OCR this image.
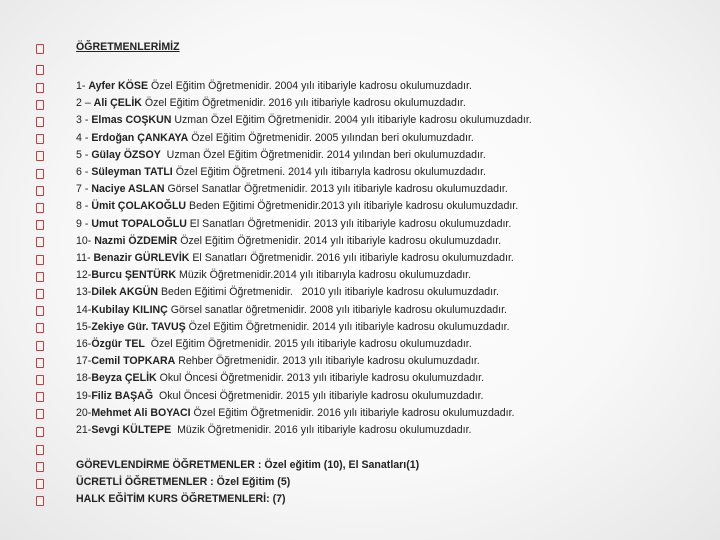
ÖĞRETMENLERİMİZ
1- Ayfer KÖSE Özel Eğitim Öğretmenidir. 2004 yılı itibariyle kadrosu okulumuzdadır.
2 – Ali ÇELİK Özel Eğitim Öğretmenidir. 2016 yılı itibariyle kadrosu okulumuzdadır.
3 - Elmas COŞKUN Uzman Özel Eğitim Öğretmenidir. 2004 yılı itibariyle kadrosu okulumuzdadır.
4 - Erdoğan ÇANKAYA Özel Eğitim Öğretmenidir. 2005 yılından beri okulumuzdadır.
5 - Gülay ÖZSOY  Uzman Özel Eğitim Öğretmenidir. 2014 yılından beri okulumuzdadır.
6 - Süleyman TATLI Özel Eğitim Öğretmeni. 2014 yılı itibarıyla kadrosu okulumuzdadır.
7 - Naciye ASLAN Görsel Sanatlar Öğretmenidir. 2013 yılı itibariyle kadrosu okulumuzdadır.
8 - Ümit ÇOLAKOĞLU Beden Eğitimi Öğretmenidir.2013 yılı itibariyle kadrosu okulumuzdadır.
9 - Umut TOPALOĞLU El Sanatları Öğretmenidir. 2013 yılı itibariyle kadrosu okulumuzdadır.
10- Nazmi ÖZDEMİR Özel Eğitim Öğretmenidir. 2014 yılı itibariyle kadrosu okulumuzdadır.
11- Benazir GÜRLEVİK El Sanatları Öğretmenidir. 2016 yılı itibariyle kadrosu okulumuzdadır.
12-Burcu ŞENTÜRK Müzik Öğretmenidir.2014 yılı itibarıyla kadrosu okulumuzdadır.
13-Dilek AKGÜN Beden Eğitimi Öğretmenidir.   2010 yılı itibariyle kadrosu okulumuzdadır.
14-Kubilay KILINÇ Görsel sanatlar öğretmenidir. 2008 yılı itibariyle kadrosu okulumuzdadır.
15-Zekiye Gür. TAVUŞ Özel Eğitim Öğretmenidir. 2014 yılı itibariyle kadrosu okulumuzdadır.
16-Özgür TEL  Özel Eğitim Öğretmenidir. 2015 yılı itibariyle kadrosu okulumuzdadır.
17-Cemil TOPKARA Rehber Öğretmenidir. 2013 yılı itibariyle kadrosu okulumuzdadır.
18-Beyza ÇELİK Okul Öncesi Öğretmenidir. 2013 yılı itibariyle kadrosu okulumuzdadır.
19-Filiz BAŞAĞ  Okul Öncesi Öğretmenidir. 2015 yılı itibariyle kadrosu okulumuzdadır.
20-Mehmet Ali BOYACI Özel Eğitim Öğretmenidir. 2016 yılı itibariyle kadrosu okulumuzdadır.
21-Sevgi KÜLTEPE  Müzik Öğretmenidir. 2016 yılı itibariyle kadrosu okulumuzdadır.
GÖREVLENDİRME ÖĞRETMENLER : Özel eğitim (10), El Sanatları(1)
ÜCRETLİ ÖĞRETMENLER : Özel Eğitim (5)
HALK EĞİTİM KURS ÖĞRETMENLERİ: (7)
